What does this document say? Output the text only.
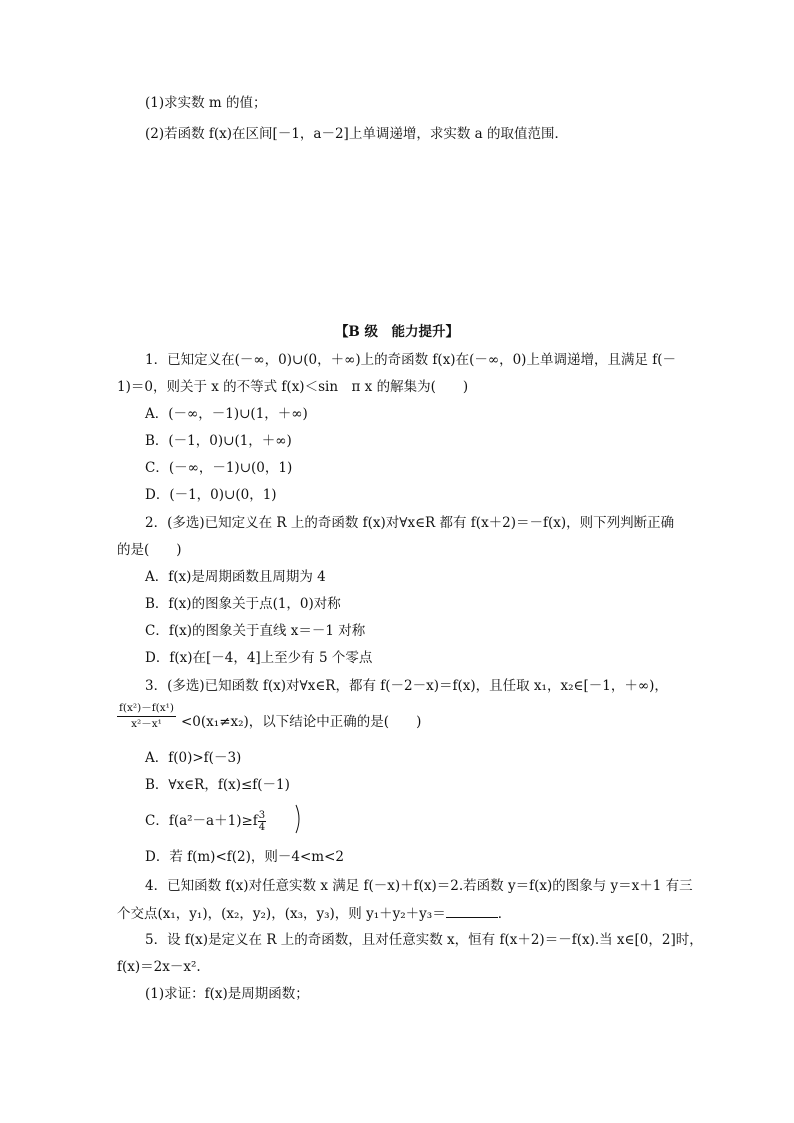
(1)求实数 m 的值；
(2)若函数 f(x)在区间[－1，a－2]上单调递增，求实数 a 的取值范围．
【B 级　能力提升】
1．已知定义在(－∞，0)∪(0，＋∞)上的奇函数 f(x)在(－∞，0)上单调递增，且满足 f(－
1)＝0，则关于 x 的不等式 f(x)＜sin　π x 的解集为(　　)
A．(－∞，－1)∪(1，＋∞)
B．(－1，0)∪(1，＋∞)
C．(－∞，－1)∪(0，1)
D．(－1，0)∪(0，1)
2．(多选)已知定义在 R 上的奇函数 f(x)对∀x∈R 都有 f(x＋2)＝－f(x)，则下列判断正确
的是(　　)
A．f(x)是周期函数且周期为 4
B．f(x)的图象关于点(1，0)对称
C．f(x)的图象关于直线 x＝－1 对称
D．f(x)在[－4，4]上至少有 5 个零点
3．(多选)已知函数 f(x)对∀x∈R，都有 f(－2－x)＝f(x)，且任取 x₁，x₂∈[－1，＋∞)，
$\frac{\text{f(x²)－f(x¹)}}{\text{x²－x¹}} <0(x_1\ne x_2)$，以下结论中正确的是(　　)
A．f(0)>f(－3)
B．∀x∈R，f(x)≤f(－1)
C．$f(a^2-a+1)\ge f \frac{3}{4}$
D．若 f(m)<f(2)，则－4<m<2
4．已知函数 f(x)对任意实数 x 满足 f(－x)＋f(x)＝2.若函数 y＝f(x)的图象与 y＝x＋1 有三
个交点(x₁，y₁)，(x₂，y₂)，(x₃，y₃)，则 y₁＋y₂＋y₃＝	．
5．设 f(x)是定义在 R 上的奇函数，且对任意实数 x，恒有 f(x＋2)＝－f(x).当 x∈[0，2]时，
f(x)＝2x－x².
(1)求证：f(x)是周期函数；
